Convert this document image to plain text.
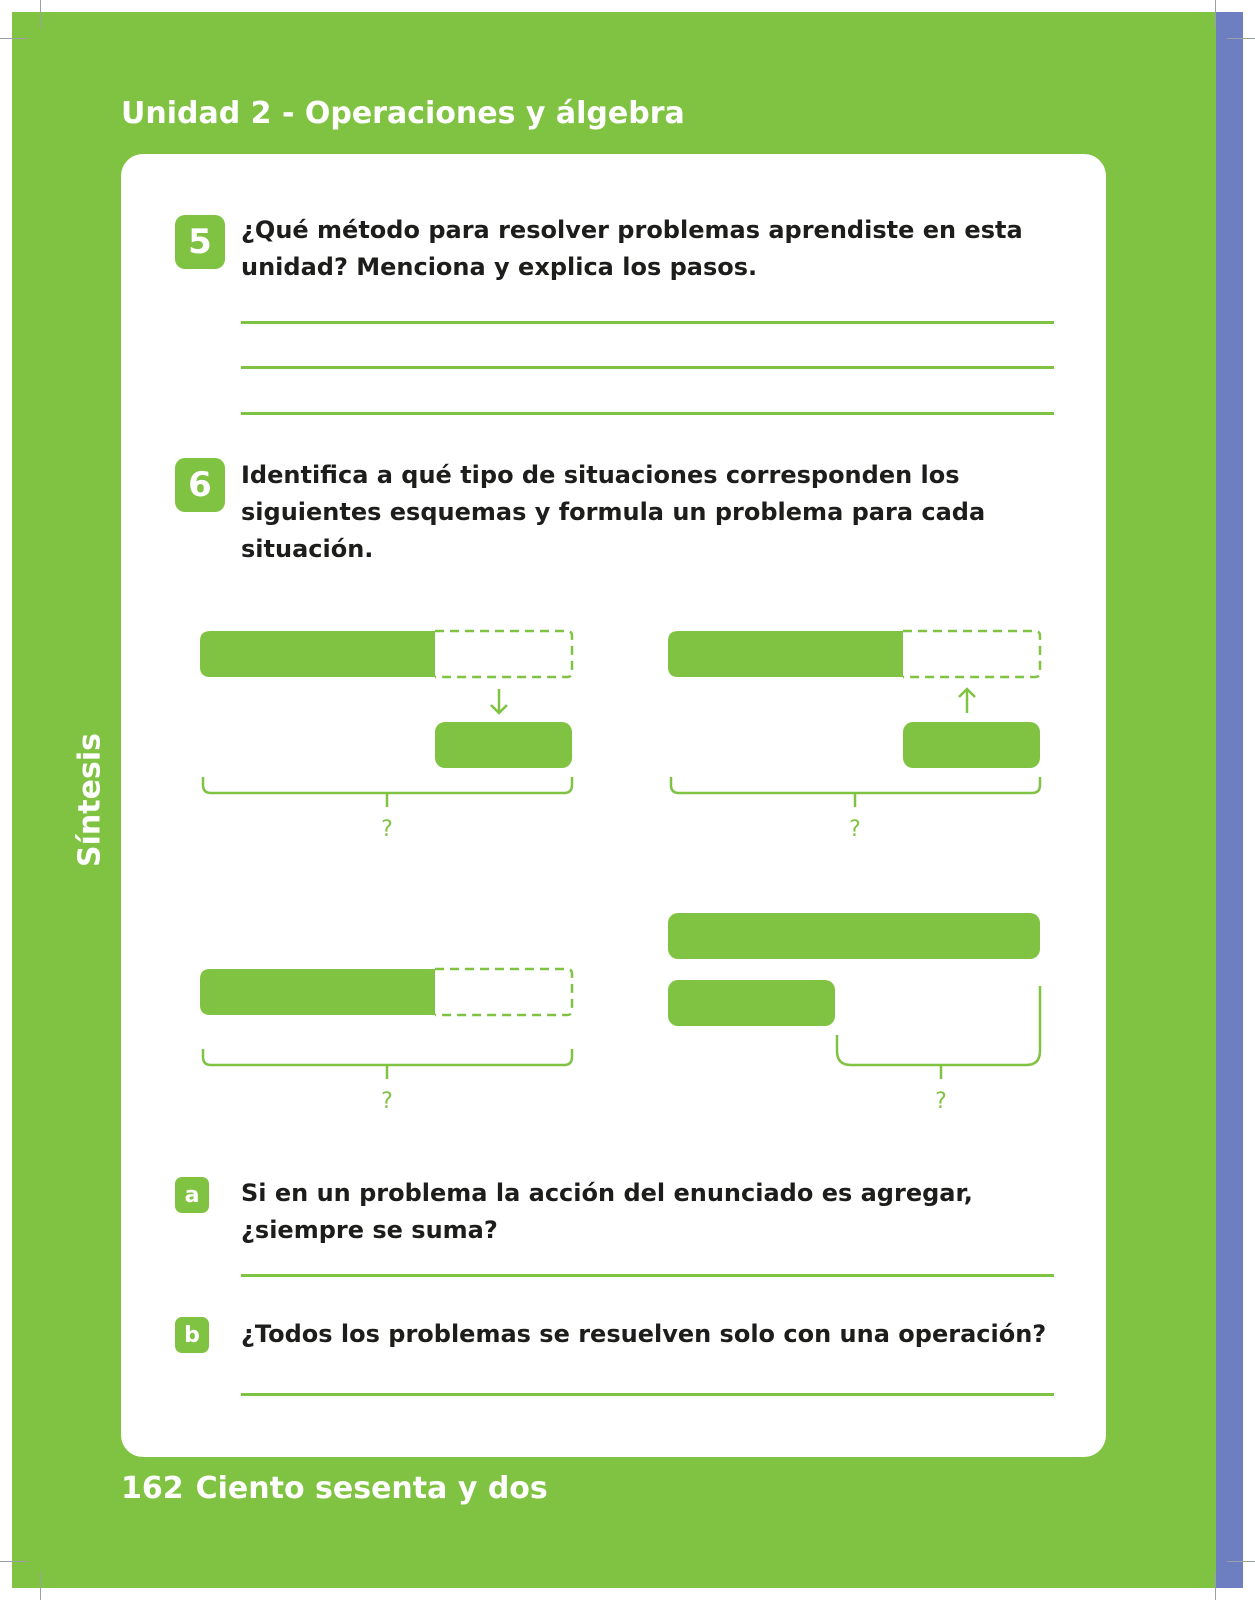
Unidad 2 - Operaciones y álgebra
Síntesis
5	¿Qué método para resolver problemas aprendiste en esta unidad? Menciona y explica los pasos.
6	Identifica a qué tipo de situaciones corresponden los siguientes esquemas y formula un problema para cada situación.
?	?
?	?
a	Si en un problema la acción del enunciado es agregar, ¿siempre se suma?
b	¿Todos los problemas se resuelven solo con una operación?
162 Ciento sesenta y dos
